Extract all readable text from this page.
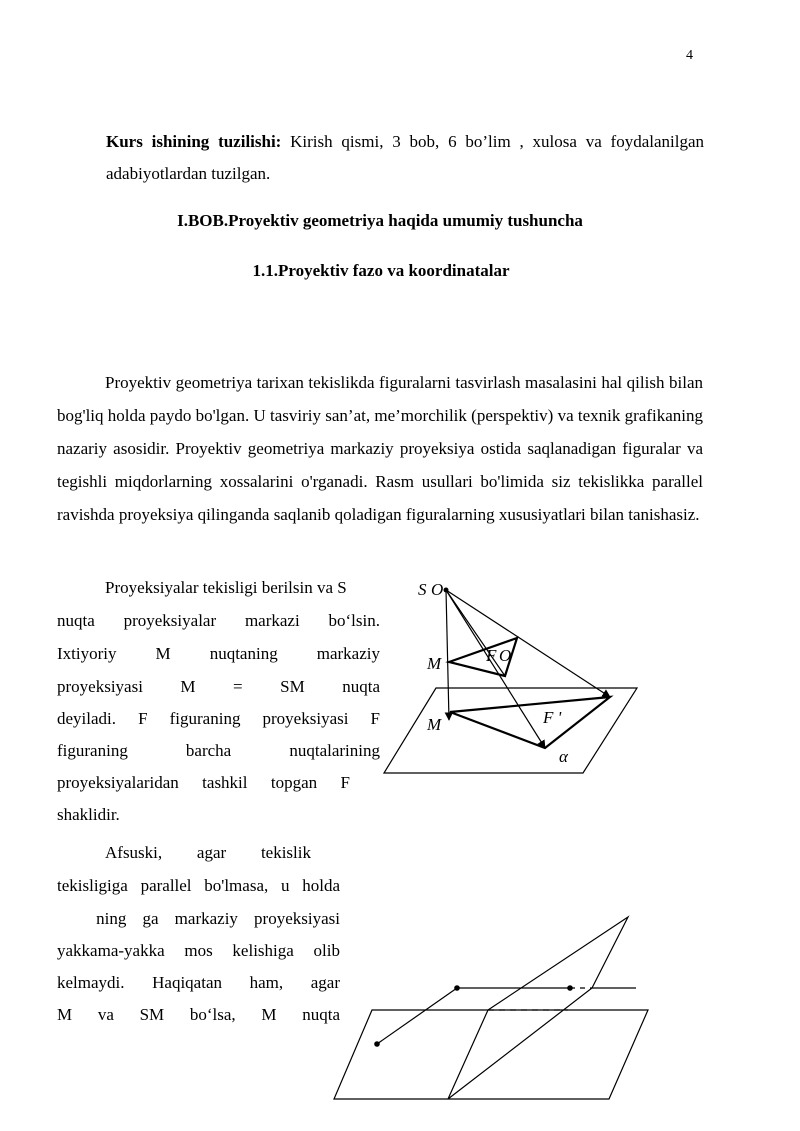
4
Kurs ishining tuzilishi: Kirish qismi, 3 bob, 6 bo’lim , xulosa va foydalanilgan adabiyotlardan tuzilgan.
I.BOB.Proyektiv geometriya haqida umumiy tushuncha
1.1.Proyektiv fazo va koordinatalar
Proyektiv geometriya tarixan tekislikda figuralarni tasvirlash masalasini hal qilish bilan bog'liq holda paydo bo'lgan. U tasviriy san’at, me’morchilik (perspektiv) va texnik grafikaning nazariy asosidir. Proyektiv geometriya markaziy proyeksiya ostida saqlanadigan figuralar va tegishli miqdorlarning xossalarini o'rganadi. Rasm usullari bo'limida siz tekislikka parallel ravishda proyeksiya qilinganda saqlanib qoladigan figuralarning xususiyatlari bilan tanishasiz.
Proyeksiyalar tekisligi berilsin va S
nuqta proyeksiyalar markazi bo‘lsin.
Ixtiyoriy M nuqtaning markaziy
proyeksiyasi M = SM nuqta
deyiladi. F figuraning proyeksiyasi F
figuraning barcha nuqtalarining
proyeksiyalaridan tashkil topgan F
shaklidir.
Afsuski, agar tekislik
tekisligiga parallel bo'lmasa, u holda
ning ga markaziy proyeksiyasi
yakkama-yakka mos kelishiga olib
kelmaydi. Haqiqatan ham, agar
M va SM bo‘lsa, M nuqta
S O
M	F O
M	F ʹ
α
